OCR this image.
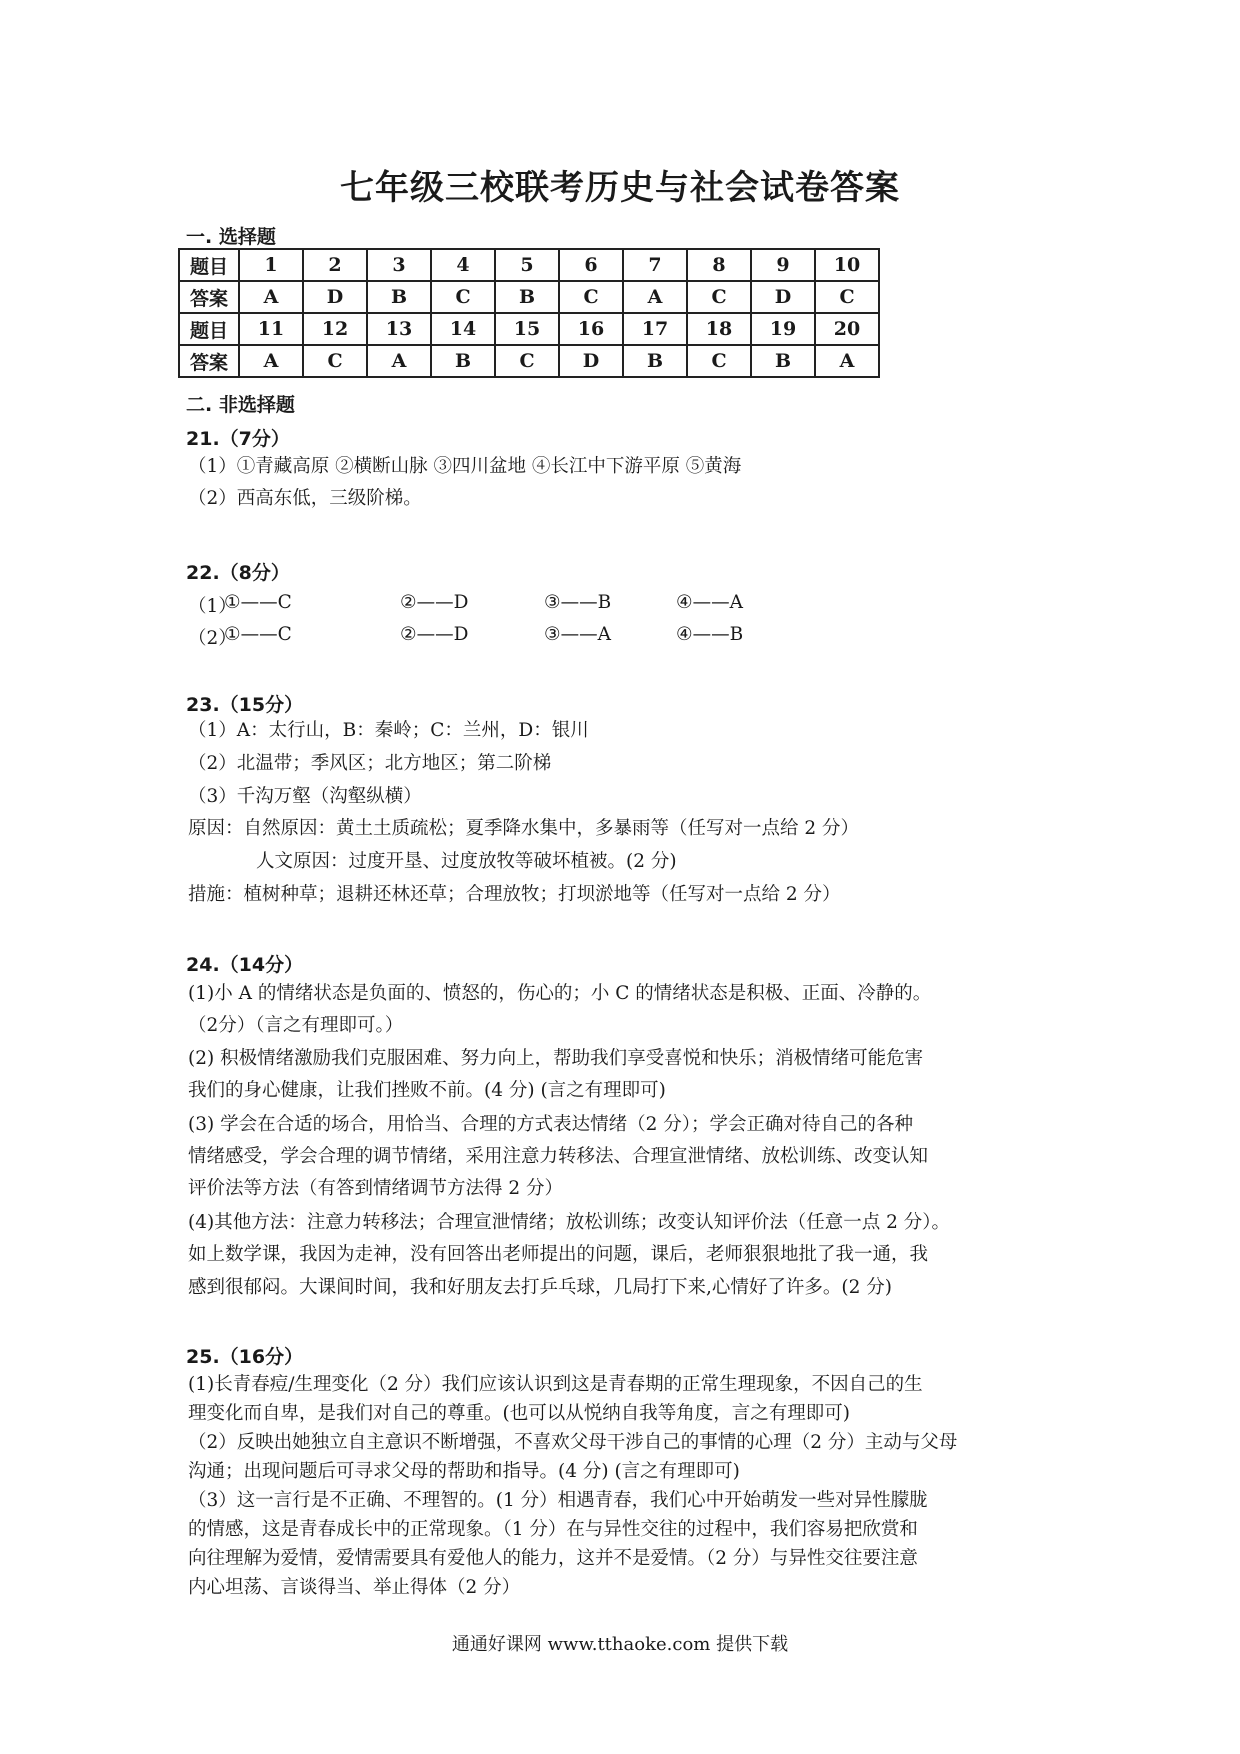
七年级三校联考历史与社会试卷答案
一. 选择题
题目	1	2	3	4	5	6	7	8	9	10
答案	A	D	B	C	B	C	A	C	D	C
题目	11	12	13	14	15	16	17	18	19	20
答案	A	C	A	B	C	D	B	C	B	A
二. 非选择题
21.（7分）
（1）①青藏高原 ②横断山脉 ③四川盆地 ④长江中下游平原 ⑤黄海
（2）西高东低，三级阶梯。
22.（8分）
（1）
①——C	②——D	③——B	④——A
（2）
①——C	②——D	③——A	④——B
23.（15分）
（1）A：太行山，B：秦岭；C：兰州，D：银川
（2）北温带；季风区；北方地区；第二阶梯
（3）千沟万壑（沟壑纵横）
原因：自然原因：黄土土质疏松；夏季降水集中，多暴雨等（任写对一点给 2 分）
人文原因：过度开垦、过度放牧等破坏植被。(2 分)
措施：植树种草；退耕还林还草；合理放牧；打坝淤地等（任写对一点给 2 分）
24.（14分）
(1)小 A 的情绪状态是负面的、愤怒的，伤心的；小 C 的情绪状态是积极、正面、冷静的。
（2分）（言之有理即可。）
(2) 积极情绪激励我们克服困难、努力向上，帮助我们享受喜悦和快乐；消极情绪可能危害
我们的身心健康，让我们挫败不前。(4 分) (言之有理即可)
(3) 学会在合适的场合，用恰当、合理的方式表达情绪（2 分）；学会正确对待自己的各种
情绪感受，学会合理的调节情绪，采用注意力转移法、合理宣泄情绪、放松训练、改变认知
评价法等方法（有答到情绪调节方法得 2 分）
(4)其他方法：注意力转移法；合理宣泄情绪；放松训练；改变认知评价法（任意一点 2 分）。
如上数学课，我因为走神，没有回答出老师提出的问题，课后，老师狠狠地批了我一通，我
感到很郁闷。大课间时间，我和好朋友去打乒乓球，几局打下来,心情好了许多。(2 分)
25.（16分）
(1)长青春痘/生理变化（2 分）我们应该认识到这是青春期的正常生理现象，不因自己的生
理变化而自卑，是我们对自己的尊重。(也可以从悦纳自我等角度，言之有理即可)
（2）反映出她独立自主意识不断增强，不喜欢父母干涉自己的事情的心理（2 分）主动与父母
沟通；出现问题后可寻求父母的帮助和指导。(4 分) (言之有理即可)
（3）这一言行是不正确、不理智的。(1 分）相遇青春，我们心中开始萌发一些对异性朦胧
的情感，这是青春成长中的正常现象。（1 分）在与异性交往的过程中，我们容易把欣赏和
向往理解为爱情，爱情需要具有爱他人的能力，这并不是爱情。（2 分）与异性交往要注意
内心坦荡、言谈得当、举止得体（2 分）
通通好课网 www.tthaoke.com 提供下载
